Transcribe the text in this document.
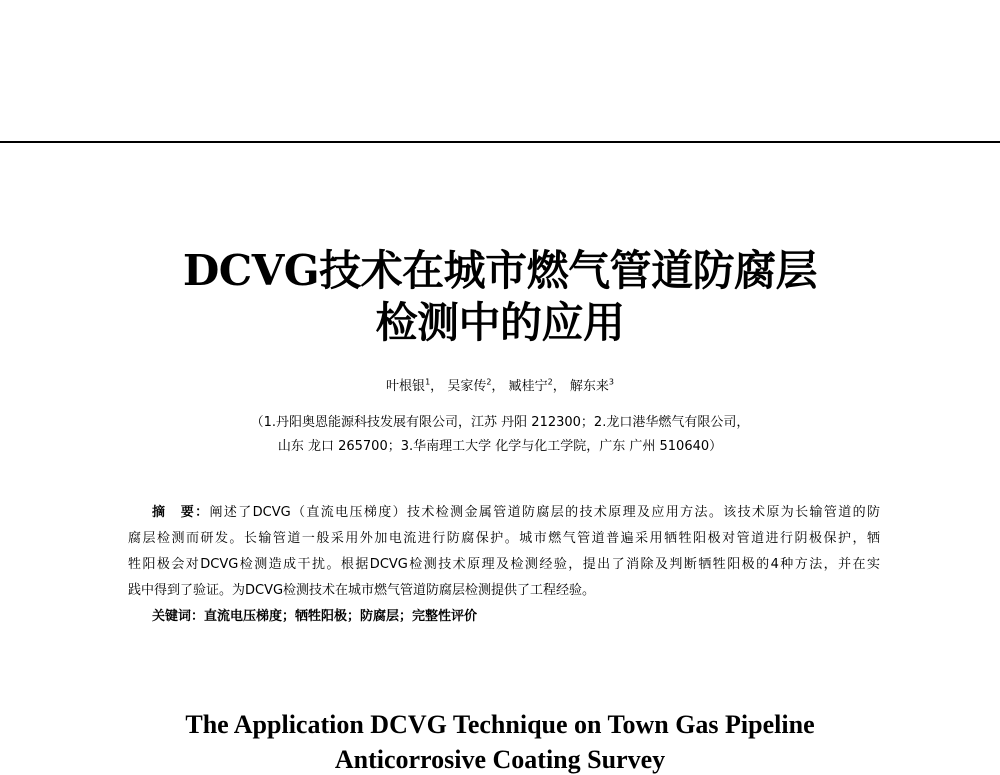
DCVG技术在城市燃气管道防腐层
检测中的应用
叶根银$^1$， 吴家传$^2$， 臧桂宁$^2$， 解东来$^3$
（1.丹阳奥恩能源科技发展有限公司，江苏 丹阳 212300；2.龙口港华燃气有限公司，
山东 龙口 265700；3.华南理工大学 化学与化工学院，广东 广州 510640）
摘　要：阐述了DCVG（直流电压梯度）技术检测金属管道防腐层的技术原理及应用方法。该技术原为长输管道的防
腐层检测而研发。长输管道一般采用外加电流进行防腐保护。城市燃气管道普遍采用牺牲阳极对管道进行阴极保护，牺
牲阳极会对DCVG检测造成干扰。根据DCVG检测技术原理及检测经验，提出了消除及判断牺牲阳极的4种方法，并在实
践中得到了验证。为DCVG检测技术在城市燃气管道防腐层检测提供了工程经验。
关键词：直流电压梯度；牺牲阳极；防腐层；完整性评价
The Application DCVG Technique on Town Gas Pipeline
Anticorrosive Coating Survey
